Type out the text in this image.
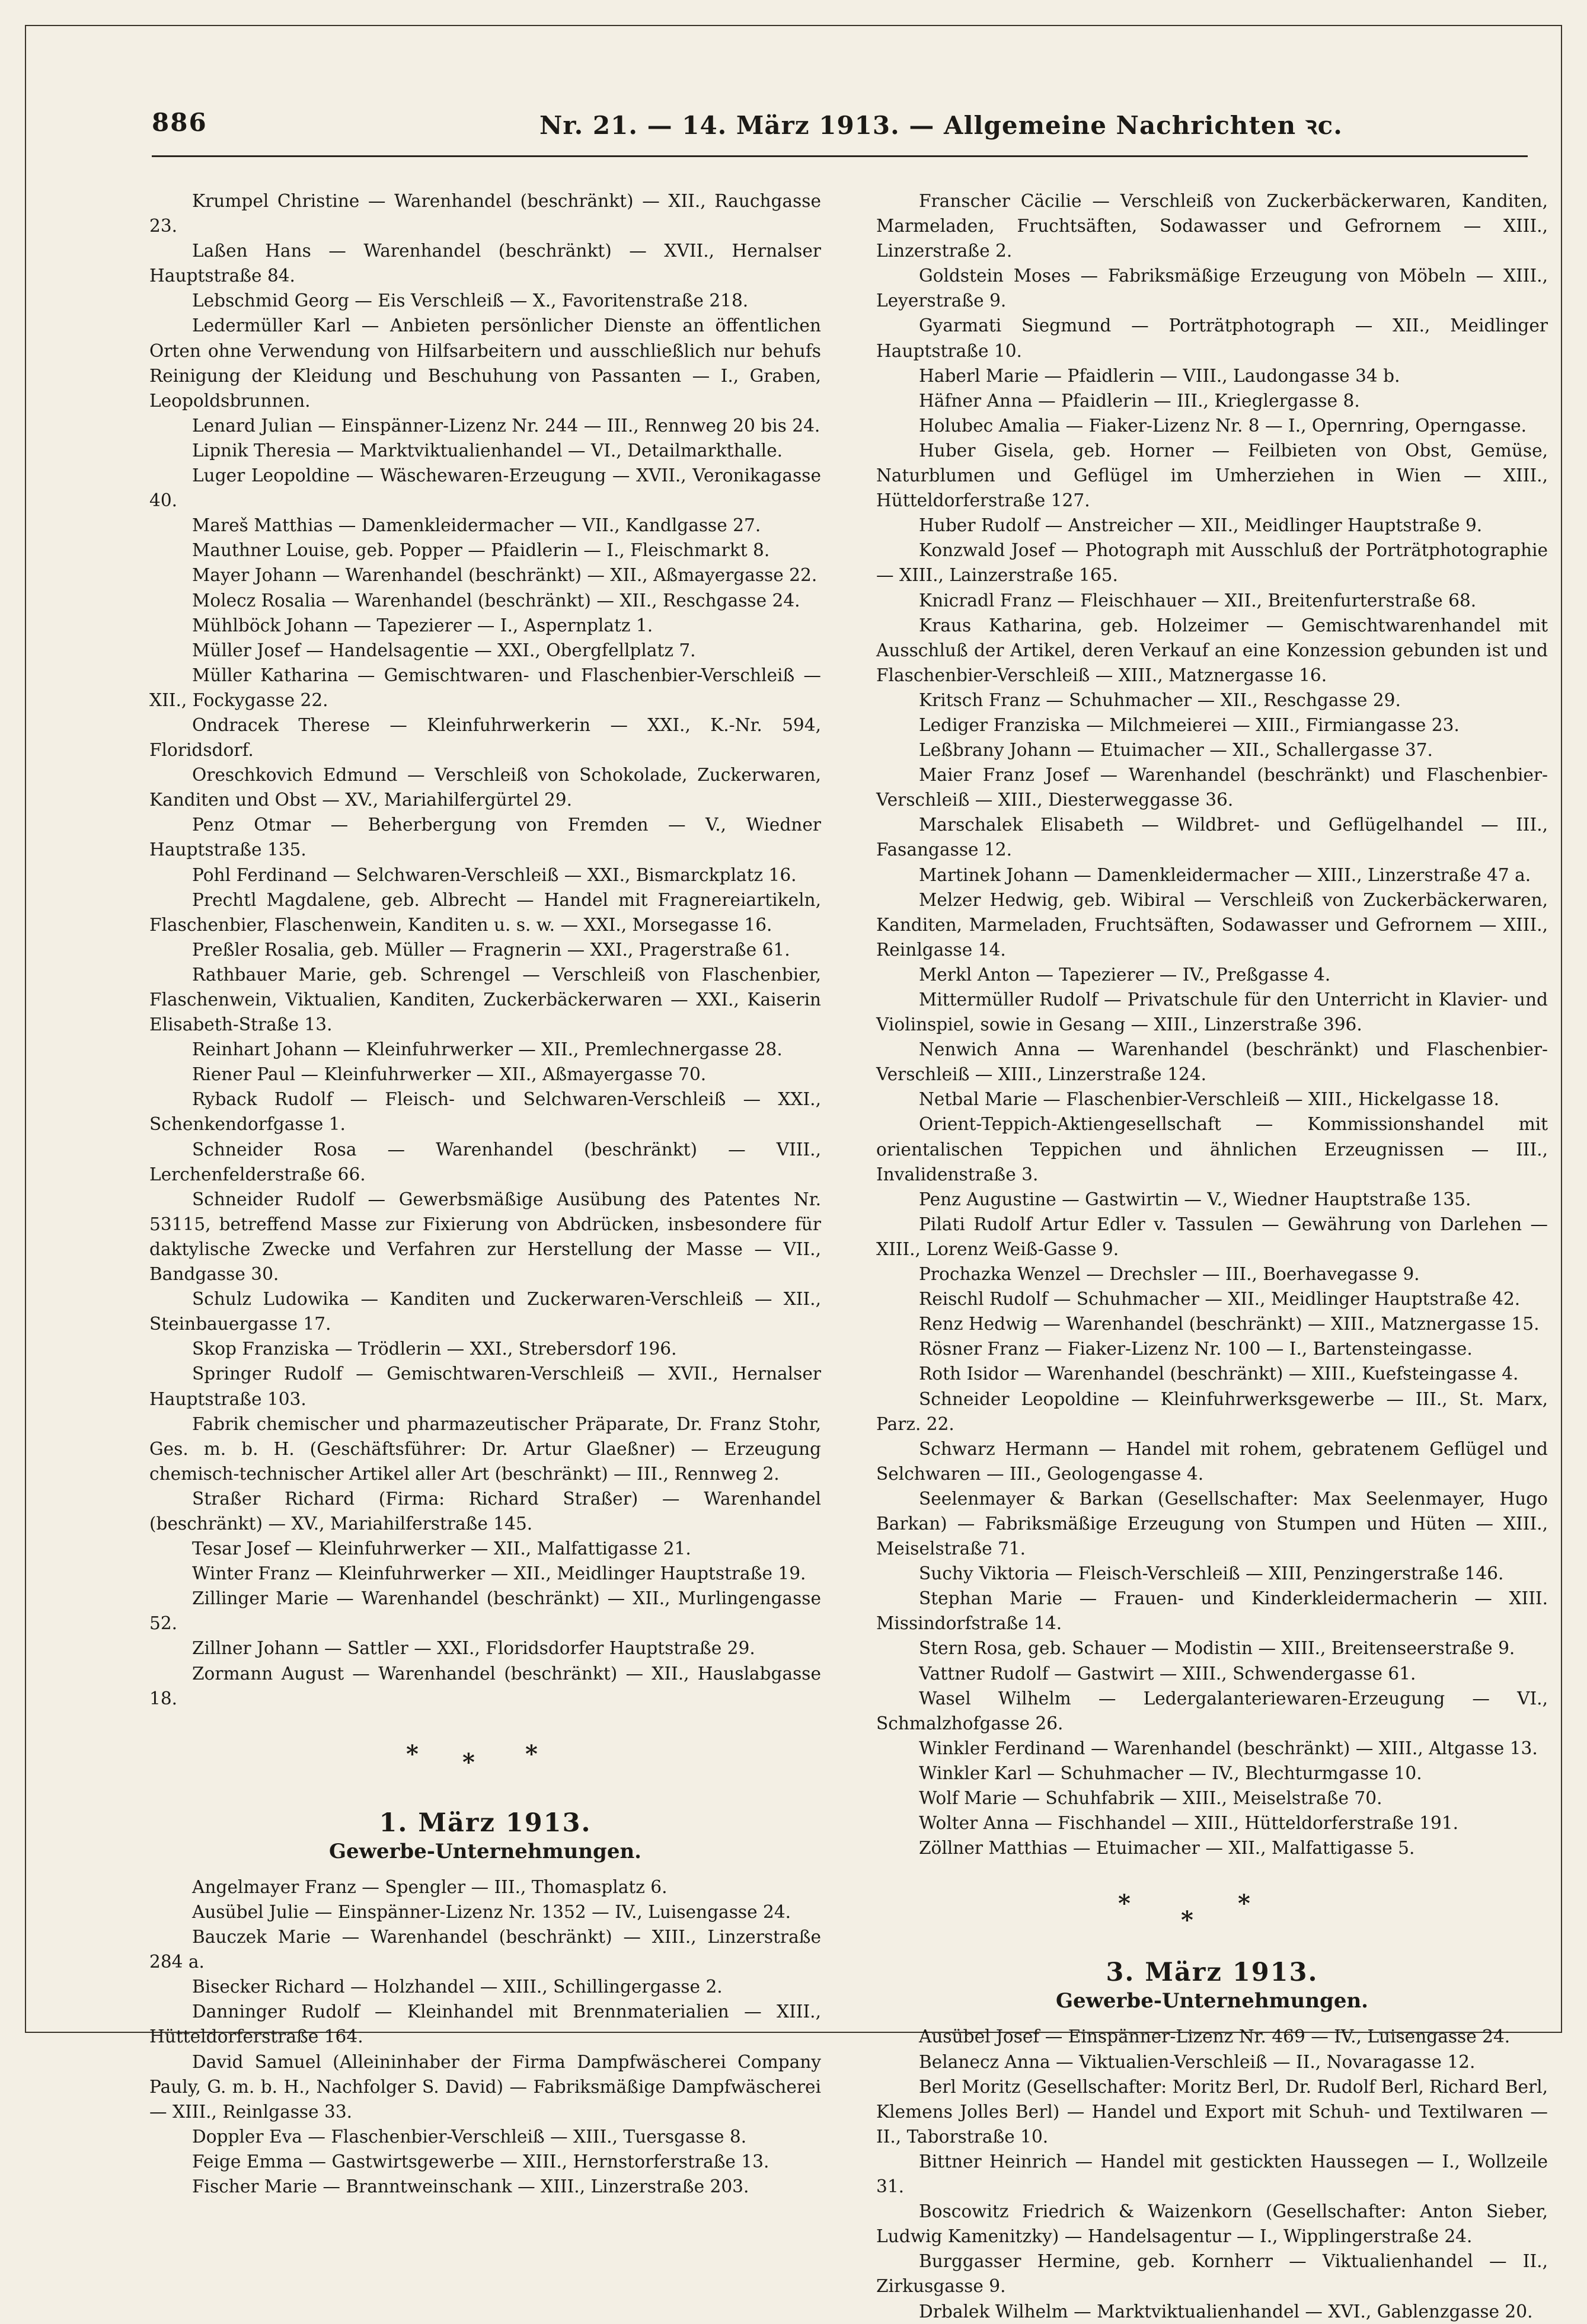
886	Nr. 21. — 14. März 1913. — Allgemeine Nachrichten ꝛc.

Krumpel Christine — Warenhandel (beschränkt) — XII., Rauchgasse 23.

Laßen Hans — Warenhandel (beschränkt) — XVII., Hernalser Hauptstraße 84.

Lebschmid Georg — Eis Verschleiß — X., Favoritenstraße 218.

Ledermüller Karl — Anbieten persönlicher Dienste an öffentlichen Orten ohne Verwendung von Hilfsarbeitern und ausschließlich nur behufs Reinigung der Kleidung und Beschuhung von Passanten — I., Graben, Leopoldsbrunnen.

Lenard Julian — Einspänner-Lizenz Nr. 244 — III., Rennweg 20 bis 24.

Lipnik Theresia — Marktviktualienhandel — VI., Detailmarkthalle.

Luger Leopoldine — Wäschewaren-Erzeugung — XVII., Veronikagasse 40.

Mareš Matthias — Damenkleidermacher — VII., Kandlgasse 27.

Mauthner Louise, geb. Popper — Pfaidlerin — I., Fleischmarkt 8.

Mayer Johann — Warenhandel (beschränkt) — XII., Aßmayergasse 22.

Molecz Rosalia — Warenhandel (beschränkt) — XII., Reschgasse 24.

Mühlböck Johann — Tapezierer — I., Aspernplatz 1.

Müller Josef — Handelsagentie — XXI., Obergfellplatz 7.

Müller Katharina — Gemischtwaren- und Flaschenbier-Verschleiß — XII., Fockygasse 22.

Ondracek Therese — Kleinfuhrwerkerin — XXI., K.-Nr. 594, Floridsdorf.

Oreschkovich Edmund — Verschleiß von Schokolade, Zuckerwaren, Kanditen und Obst — XV., Mariahilfergürtel 29.

Penz Otmar — Beherbergung von Fremden — V., Wiedner Hauptstraße 135.

Pohl Ferdinand — Selchwaren-Verschleiß — XXI., Bismarckplatz 16.

Prechtl Magdalene, geb. Albrecht — Handel mit Fragnereiartikeln, Flaschenbier, Flaschenwein, Kanditen u. s. w. — XXI., Morsegasse 16.

Preßler Rosalia, geb. Müller — Fragnerin — XXI., Pragerstraße 61.

Rathbauer Marie, geb. Schrengel — Verschleiß von Flaschenbier, Flaschenwein, Viktualien, Kanditen, Zuckerbäckerwaren — XXI., Kaiserin Elisabeth-Straße 13.

Reinhart Johann — Kleinfuhrwerker — XII., Premlechnergasse 28.

Riener Paul — Kleinfuhrwerker — XII., Aßmayergasse 70.

Ryback Rudolf — Fleisch- und Selchwaren-Verschleiß — XXI., Schenkendorfgasse 1.

Schneider Rosa — Warenhandel (beschränkt) — VIII., Lerchenfelderstraße 66.

Schneider Rudolf — Gewerbsmäßige Ausübung des Patentes Nr. 53115, betreffend Masse zur Fixierung von Abdrücken, insbesondere für daktylische Zwecke und Verfahren zur Herstellung der Masse — VII., Bandgasse 30.

Schulz Ludowika — Kanditen und Zuckerwaren-Verschleiß — XII., Steinbauergasse 17.

Skop Franziska — Trödlerin — XXI., Strebersdorf 196.

Springer Rudolf — Gemischtwaren-Verschleiß — XVII., Hernalser Hauptstraße 103.

Fabrik chemischer und pharmazeutischer Präparate, Dr. Franz Stohr, Ges. m. b. H. (Geschäftsführer: Dr. Artur Glaeßner) — Erzeugung chemisch-technischer Artikel aller Art (beschränkt) — III., Rennweg 2.

Straßer Richard (Firma: Richard Straßer) — Warenhandel (beschränkt) — XV., Mariahilferstraße 145.

Tesar Josef — Kleinfuhrwerker — XII., Malfattigasse 21.

Winter Franz — Kleinfuhrwerker — XII., Meidlinger Hauptstraße 19.

Zillinger Marie — Warenhandel (beschränkt) — XII., Murlingengasse 52.

Zillner Johann — Sattler — XXI., Floridsdorfer Hauptstraße 29.

Zormann August — Warenhandel (beschränkt) — XII., Hauslabgasse 18.

* * *
1. März 1913.
Gewerbe-Unternehmungen.

Angelmayer Franz — Spengler — III., Thomasplatz 6.

Ausübel Julie — Einspänner-Lizenz Nr. 1352 — IV., Luisengasse 24.

Bauczek Marie — Warenhandel (beschränkt) — XIII., Linzerstraße 284 a.

Bisecker Richard — Holzhandel — XIII., Schillingergasse 2.

Danninger Rudolf — Kleinhandel mit Brennmaterialien — XIII., Hütteldorferstraße 164.

David Samuel (Alleininhaber der Firma Dampfwäscherei Company Pauly, G. m. b. H., Nachfolger S. David) — Fabriksmäßige Dampfwäscherei — XIII., Reinlgasse 33.

Doppler Eva — Flaschenbier-Verschleiß — XIII., Tuersgasse 8.

Feige Emma — Gastwirtsgewerbe — XIII., Hernstorferstraße 13.

Fischer Marie — Branntweinschank — XIII., Linzerstraße 203.

Franscher Cäcilie — Verschleiß von Zuckerbäckerwaren, Kanditen, Marmeladen, Fruchtsäften, Sodawasser und Gefrornem — XIII., Linzerstraße 2.

Goldstein Moses — Fabriksmäßige Erzeugung von Möbeln — XIII., Leyerstraße 9.

Gyarmati Siegmund — Porträtphotograph — XII., Meidlinger Hauptstraße 10.

Haberl Marie — Pfaidlerin — VIII., Laudongasse 34 b.

Häfner Anna — Pfaidlerin — III., Krieglergasse 8.

Holubec Amalia — Fiaker-Lizenz Nr. 8 — I., Opernring, Operngasse.

Huber Gisela, geb. Horner — Feilbieten von Obst, Gemüse, Naturblumen und Geflügel im Umherziehen in Wien — XIII., Hütteldorferstraße 127.

Huber Rudolf — Anstreicher — XII., Meidlinger Hauptstraße 9.

Konzwald Josef — Photograph mit Ausschluß der Porträtphotographie — XIII., Lainzerstraße 165.

Knicradl Franz — Fleischhauer — XII., Breitenfurterstraße 68.

Kraus Katharina, geb. Holzeimer — Gemischtwarenhandel mit Ausschluß der Artikel, deren Verkauf an eine Konzession gebunden ist und Flaschenbier-Verschleiß — XIII., Matznergasse 16.

Kritsch Franz — Schuhmacher — XII., Reschgasse 29.

Lediger Franziska — Milchmeierei — XIII., Firmiangasse 23.

Leßbrany Johann — Etuimacher — XII., Schallergasse 37.

Maier Franz Josef — Warenhandel (beschränkt) und Flaschenbier-Verschleiß — XIII., Diesterweggasse 36.

Marschalek Elisabeth — Wildbret- und Geflügelhandel — III., Fasangasse 12.

Martinek Johann — Damenkleidermacher — XIII., Linzerstraße 47 a.

Melzer Hedwig, geb. Wibiral — Verschleiß von Zuckerbäckerwaren, Kanditen, Marmeladen, Fruchtsäften, Sodawasser und Gefrornem — XIII., Reinlgasse 14.

Merkl Anton — Tapezierer — IV., Preßgasse 4.

Mittermüller Rudolf — Privatschule für den Unterricht in Klavier- und Violinspiel, sowie in Gesang — XIII., Linzerstraße 396.

Nenwich Anna — Warenhandel (beschränkt) und Flaschenbier-Verschleiß — XIII., Linzerstraße 124.

Netbal Marie — Flaschenbier-Verschleiß — XIII., Hickelgasse 18.

Orient-Teppich-Aktiengesellschaft — Kommissionshandel mit orientalischen Teppichen und ähnlichen Erzeugnissen — III., Invalidenstraße 3.

Penz Augustine — Gastwirtin — V., Wiedner Hauptstraße 135.

Pilati Rudolf Artur Edler v. Tassulen — Gewährung von Darlehen — XIII., Lorenz Weiß-Gasse 9.

Prochazka Wenzel — Drechsler — III., Boerhavegasse 9.

Reischl Rudolf — Schuhmacher — XII., Meidlinger Hauptstraße 42.

Renz Hedwig — Warenhandel (beschränkt) — XIII., Matznergasse 15.

Rösner Franz — Fiaker-Lizenz Nr. 100 — I., Bartensteingasse.

Roth Isidor — Warenhandel (beschränkt) — XIII., Kuefsteingasse 4.

Schneider Leopoldine — Kleinfuhrwerksgewerbe — III., St. Marx, Parz. 22.

Schwarz Hermann — Handel mit rohem, gebratenem Geflügel und Selchwaren — III., Geologengasse 4.

Seelenmayer & Barkan (Gesellschafter: Max Seelenmayer, Hugo Barkan) — Fabriksmäßige Erzeugung von Stumpen und Hüten — XIII., Meiselstraße 71.

Suchy Viktoria — Fleisch-Verschleiß — XIII, Penzingerstraße 146.

Stephan Marie — Frauen- und Kinderkleidermacherin — XIII. Missindorfstraße 14.

Stern Rosa, geb. Schauer — Modistin — XIII., Breitenseerstraße 9.

Vattner Rudolf — Gastwirt — XIII., Schwendergasse 61.

Wasel Wilhelm — Ledergalanteriewaren-Erzeugung — VI., Schmalzhofgasse 26.

Winkler Ferdinand — Warenhandel (beschränkt) — XIII., Altgasse 13.

Winkler Karl — Schuhmacher — IV., Blechturmgasse 10.

Wolf Marie — Schuhfabrik — XIII., Meiselstraße 70.

Wolter Anna — Fischhandel — XIII., Hütteldorferstraße 191.

Zöllner Matthias — Etuimacher — XII., Malfattigasse 5.

*
*
*
3. März 1913.
Gewerbe-Unternehmungen.

Ausübel Josef — Einspänner-Lizenz Nr. 469 — IV., Luisengasse 24.

Belanecz Anna — Viktualien-Verschleiß — II., Novaragasse 12.

Berl Moritz (Gesellschafter: Moritz Berl, Dr. Rudolf Berl, Richard Berl, Klemens Jolles Berl) — Handel und Export mit Schuh- und Textilwaren — II., Taborstraße 10.

Bittner Heinrich — Handel mit gestickten Haussegen — I., Wollzeile 31.

Boscowitz Friedrich & Waizenkorn (Gesellschafter: Anton Sieber, Ludwig Kamenitzky) — Handelsagentur — I., Wipplingerstraße 24.

Burggasser Hermine, geb. Kornherr — Viktualienhandel — II., Zirkusgasse 9.

Drbalek Wilhelm — Marktviktualienhandel — XVI., Gablenzgasse 20.
